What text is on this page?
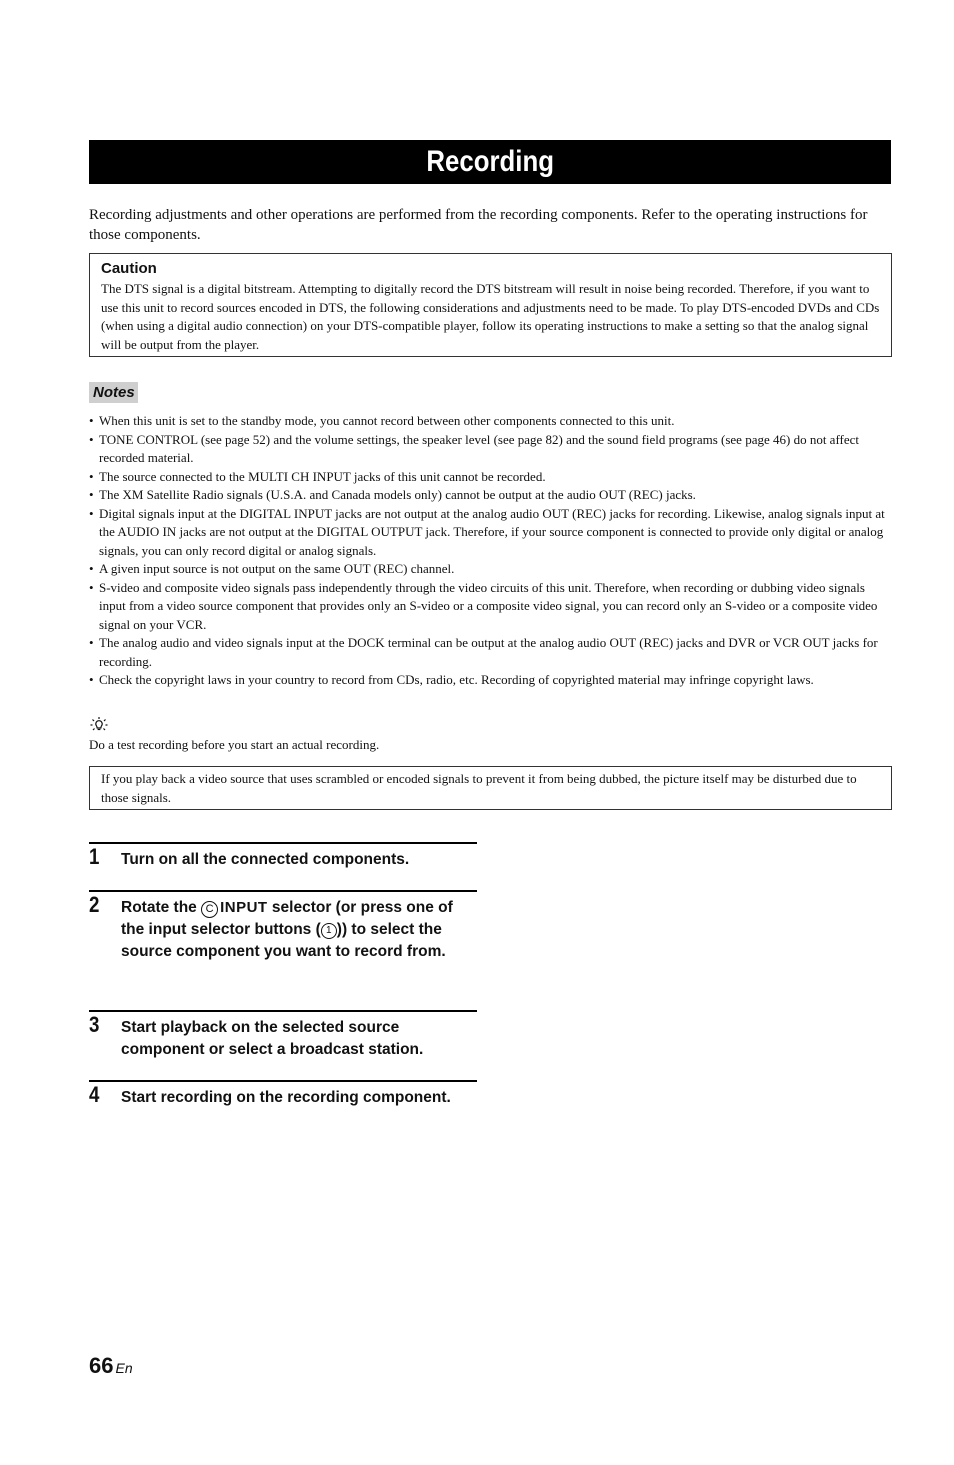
Recording

Recording adjustments and other operations are performed from the recording components. Refer to the operating instructions for those components.

Caution

The DTS signal is a digital bitstream. Attempting to digitally record the DTS bitstream will result in noise being recorded. Therefore, if you want to use this unit to record sources encoded in DTS, the following considerations and adjustments need to be made. To play DTS-encoded DVDs and CDs (when using a digital audio connection) on your DTS-compatible player, follow its operating instructions to make a setting so that the analog signal will be output from the player.

Notes
• When this unit is set to the standby mode, you cannot record between other components connected to this unit.
• TONE CONTROL (see page 52) and the volume settings, the speaker level (see page 82) and the sound field programs (see page 46) do not affect recorded material.
• The source connected to the MULTI CH INPUT jacks of this unit cannot be recorded.
• The XM Satellite Radio signals (U.S.A. and Canada models only) cannot be output at the audio OUT (REC) jacks.
• Digital signals input at the DIGITAL INPUT jacks are not output at the analog audio OUT (REC) jacks for recording. Likewise, analog signals input at the AUDIO IN jacks are not output at the DIGITAL OUTPUT jack. Therefore, if your source component is connected to provide only digital or analog signals, you can only record digital or analog signals.
• A given input source is not output on the same OUT (REC) channel.
• S-video and composite video signals pass independently through the video circuits of this unit. Therefore, when recording or dubbing video signals input from a video source component that provides only an S-video or a composite video signal, you can record only an S-video or a composite video signal on your VCR.
• The analog audio and video signals input at the DOCK terminal can be output at the analog audio OUT (REC) jacks and DVR or VCR OUT jacks for recording.
• Check the copyright laws in your country to record from CDs, radio, etc. Recording of copyrighted material may infringe copyright laws.

Do a test recording before you start an actual recording.

If you play back a video source that uses scrambled or encoded signals to prevent it from being dubbed, the picture itself may be disturbed due to those signals.
1	Turn on all the connected components.

2	Rotate the C INPUT selector (or press one of the input selector buttons ( 1 )) to select the source component you want to record from.

3	Start playback on the selected source component or select a broadcast station.

4	Start recording on the recording component.

66 En
